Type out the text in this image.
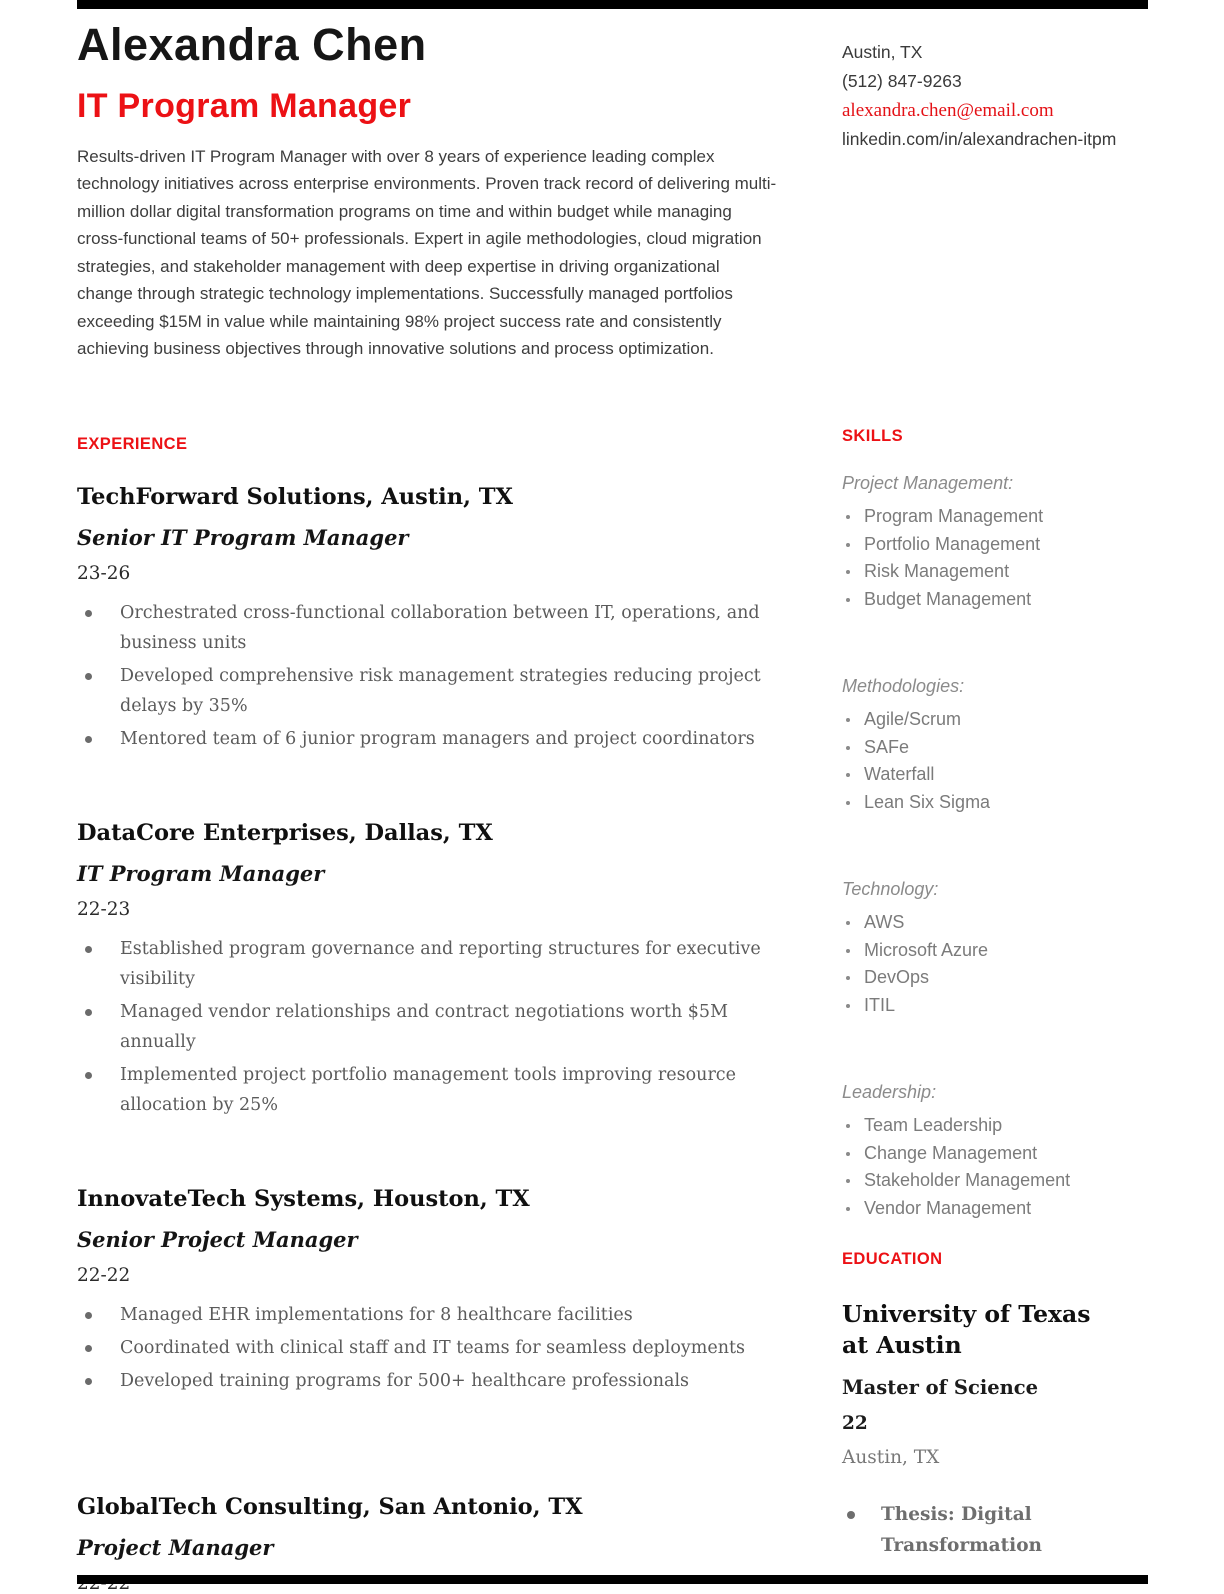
Alexandra Chen
IT Program Manager
Results-driven IT Program Manager with over 8 years of experience leading complex technology initiatives across enterprise environments. Proven track record of delivering multi-million dollar digital transformation programs on time and within budget while managing cross-functional teams of 50+ professionals. Expert in agile methodologies, cloud migration strategies, and stakeholder management with deep expertise in driving organizational change through strategic technology implementations. Successfully managed portfolios exceeding $15M in value while maintaining 98% project success rate and consistently achieving business objectives through innovative solutions and process optimization.
EXPERIENCE
TechForward Solutions, Austin, TX
Senior IT Program Manager
23-26
Orchestrated cross-functional collaboration between IT, operations, and business units
Developed comprehensive risk management strategies reducing project delays by 35%
Mentored team of 6 junior program managers and project coordinators
DataCore Enterprises, Dallas, TX
IT Program Manager
22-23
Established program governance and reporting structures for executive visibility
Managed vendor relationships and contract negotiations worth $5M annually
Implemented project portfolio management tools improving resource allocation by 25%
InnovateTech Systems, Houston, TX
Senior Project Manager
22-22
Managed EHR implementations for 8 healthcare facilities
Coordinated with clinical staff and IT teams for seamless deployments
Developed training programs for 500+ healthcare professionals
GlobalTech Consulting, San Antonio, TX
Project Manager
Austin, TX
(512) 847-9263
alexandra.chen@email.com
linkedin.com/in/alexandrachen-itpm
SKILLS
Project Management:
Program Management
Portfolio Management
Risk Management
Budget Management
Methodologies:
Agile/Scrum
SAFe
Waterfall
Lean Six Sigma
Technology:
AWS
Microsoft Azure
DevOps
ITIL
Leadership:
Team Leadership
Change Management
Stakeholder Management
Vendor Management
EDUCATION
University of Texas at Austin
Master of Science
22
Austin, TX
Thesis: Digital Transformation
